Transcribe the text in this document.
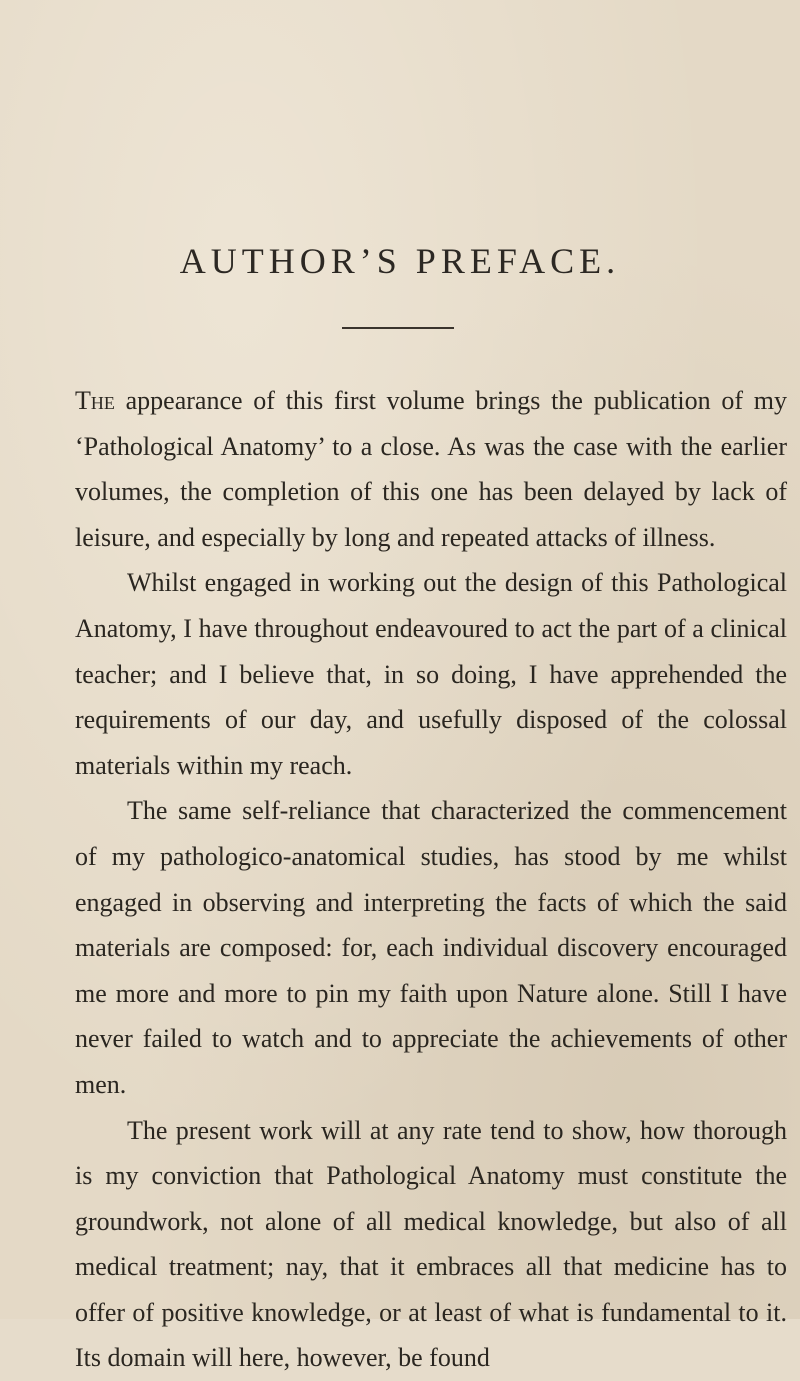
AUTHOR’S PREFACE.

The appearance of this first volume brings the publication of my ‘Pathological Anatomy’ to a close. As was the case with the earlier volumes, the completion of this one has been delayed by lack of leisure, and especially by long and repeated attacks of illness.

Whilst engaged in working out the design of this Pathological Anatomy, I have throughout endeavoured to act the part of a clinical teacher; and I believe that, in so doing, I have apprehended the requirements of our day, and usefully disposed of the colossal materials within my reach.

The same self-reliance that characterized the commencement of my pathologico-anatomical studies, has stood by me whilst engaged in observing and interpreting the facts of which the said materials are composed: for, each individual discovery encouraged me more and more to pin my faith upon Nature alone. Still I have never failed to watch and to appreciate the achievements of other men.

The present work will at any rate tend to show, how thorough is my conviction that Pathological Anatomy must constitute the groundwork, not alone of all medical knowledge, but also of all medical treatment; nay, that it embraces all that medicine has to offer of positive knowledge, or at least of what is fundamental to it. Its domain will here, however, be found
